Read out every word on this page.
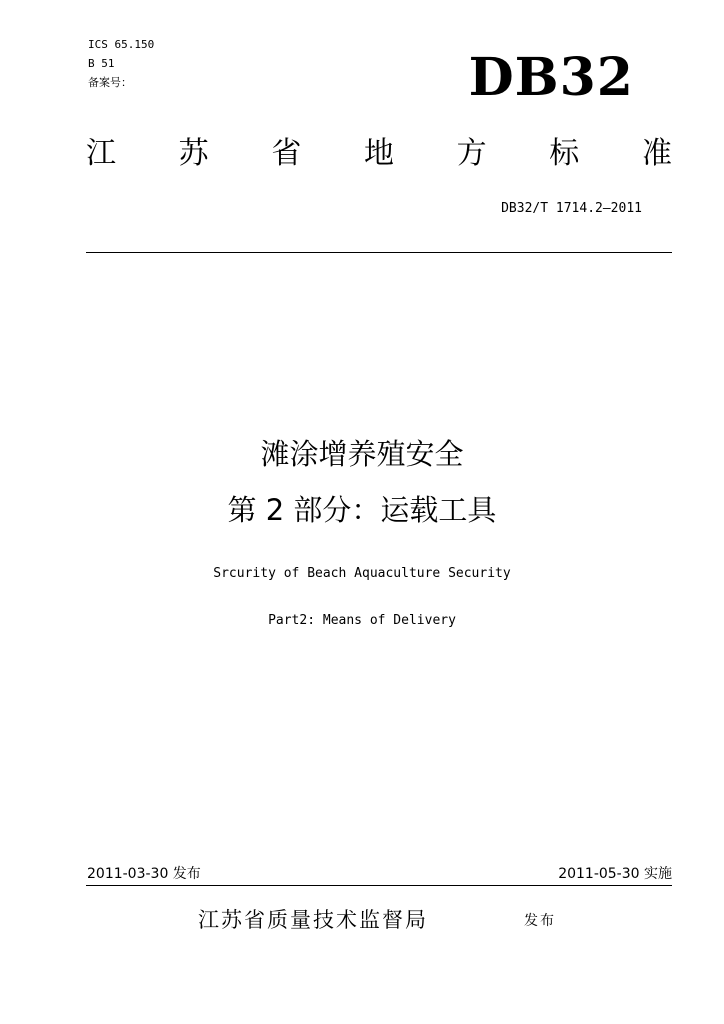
ICS 65.150
B 51
备案号：	DB32
江 苏 省 地 方 标 准
DB32/T 1714.2—2011
滩涂增养殖安全
第 2 部分：运载工具
Srcurity of Beach Aquaculture Security
Part2: Means of Delivery
2011-03-30 发布	2011-05-30 实施
江苏省质量技术监督局	发布
